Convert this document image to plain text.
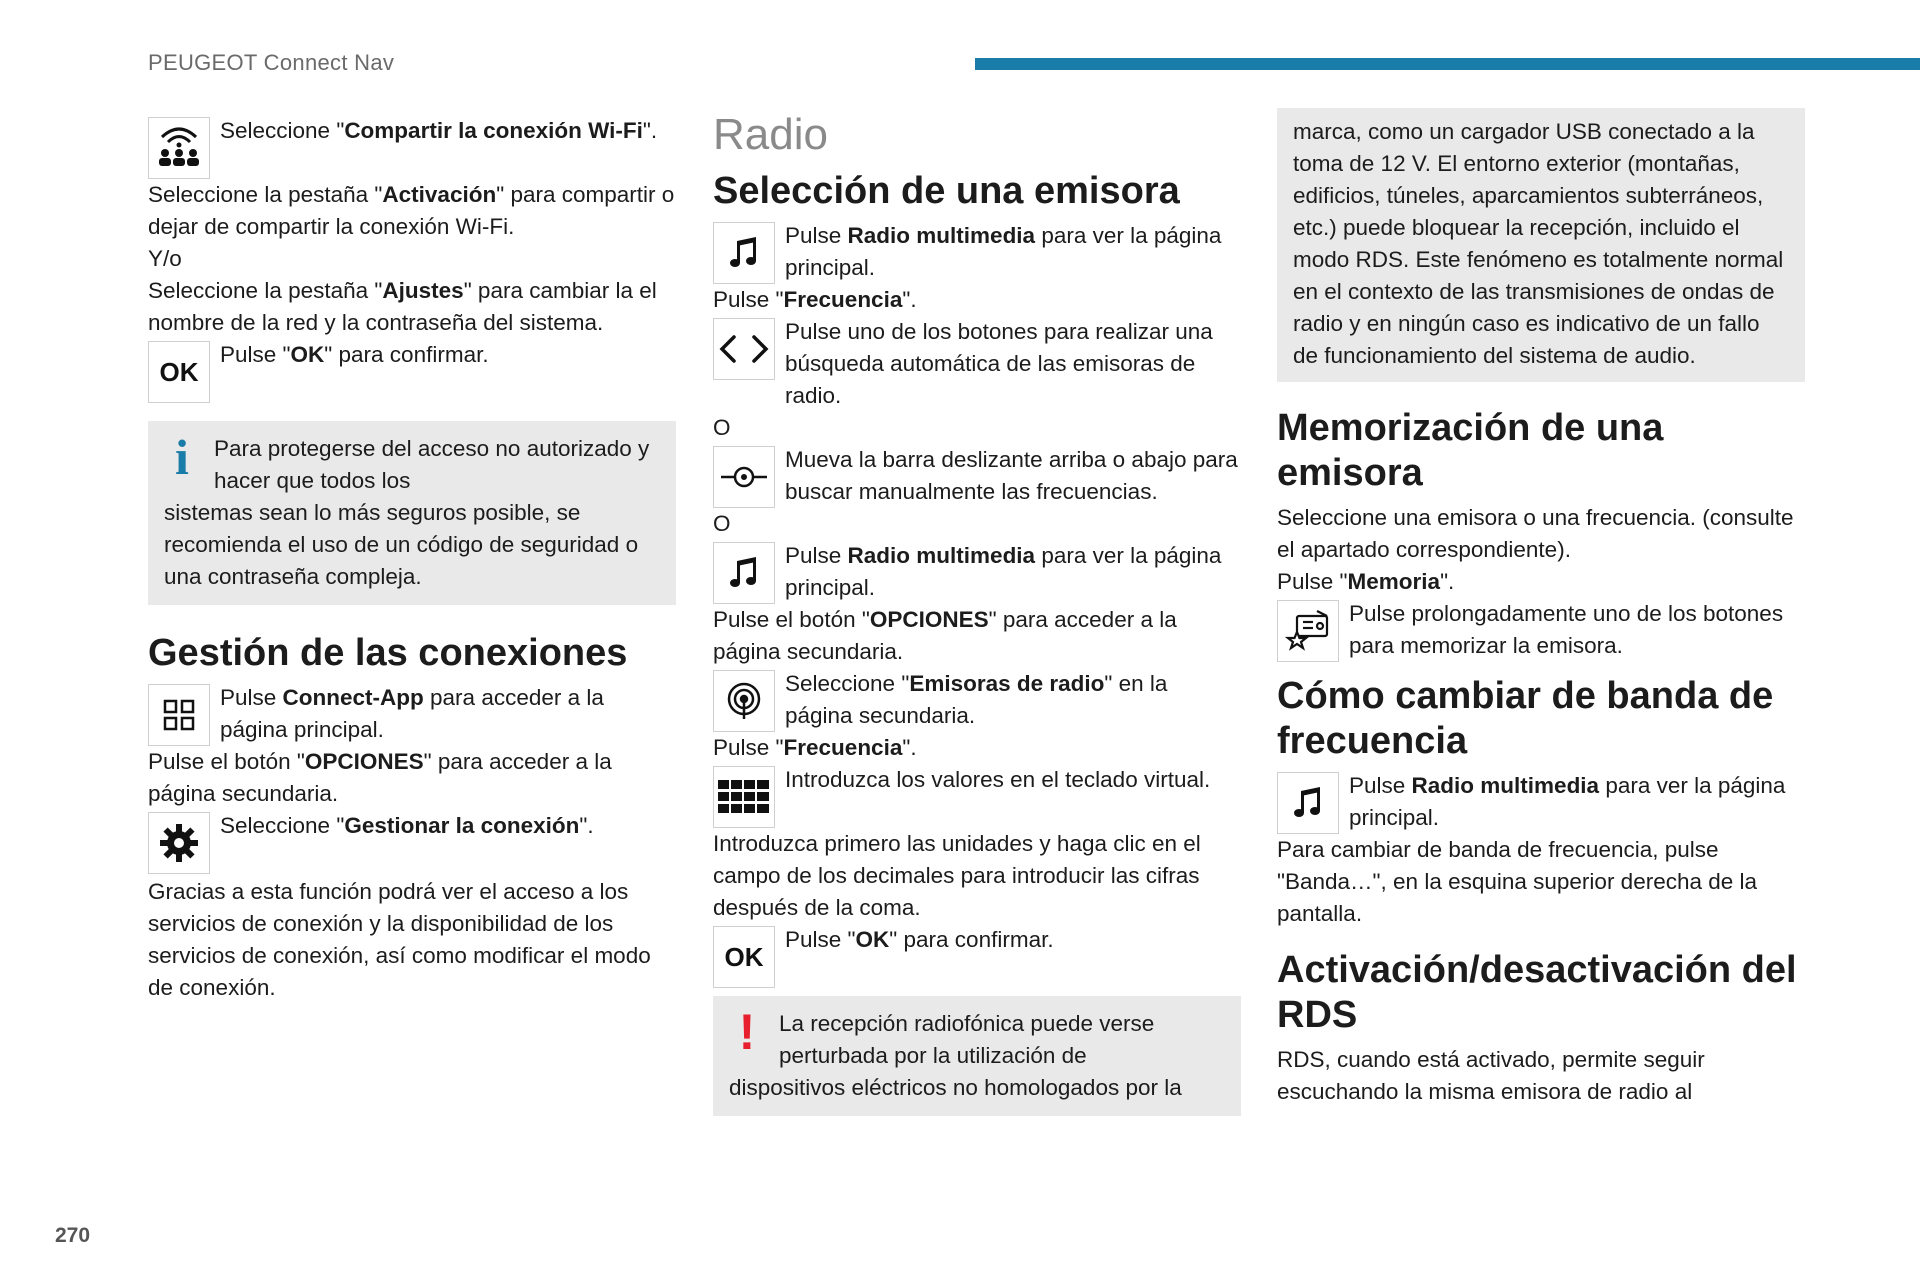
PEUGEOT Connect Nav

Seleccione "Compartir la conexión Wi-Fi".

Seleccione la pestaña "Activación" para compartir o dejar de compartir la conexión Wi-Fi.

Y/o

Seleccione la pestaña "Ajustes" para cambiar la el nombre de la red y la contraseña del sistema.

OK

Pulse "OK" para confirmar.

i	Para protegerse del acceso no autorizado y hacer que todos los

sistemas sean lo más seguros posible, se recomienda el uso de un código de seguridad o una contraseña compleja.

Gestión de las conexiones

Pulse Connect-App para acceder a la página principal.

Pulse el botón "OPCIONES" para acceder a la página secundaria.

Seleccione "Gestionar la conexión".

Gracias a esta función podrá ver el acceso a los servicios de conexión y la disponibilidad de los servicios de conexión, así como modificar el modo de conexión.

Radio
Selección de una emisora

Pulse Radio multimedia para ver la página principal.

Pulse "Frecuencia".

Pulse uno de los botones para realizar una búsqueda automática de las emisoras de radio.

O

Mueva la barra deslizante arriba o abajo para buscar manualmente las frecuencias.

O

Pulse Radio multimedia para ver la página principal.

Pulse el botón "OPCIONES" para acceder a la página secundaria.

Seleccione "Emisoras de radio" en la página secundaria.

Pulse "Frecuencia".

Introduzca los valores en el teclado virtual.

Introduzca primero las unidades y haga clic en el campo de los decimales para introducir las cifras después de la coma.

OK

Pulse "OK" para confirmar.

!	La recepción radiofónica puede verse perturbada por la utilización de

dispositivos eléctricos no homologados por la

marca, como un cargador USB conectado a la toma de 12 V. El entorno exterior (montañas, edificios, túneles, aparcamientos subterráneos, etc.) puede bloquear la recepción, incluido el modo RDS. Este fenómeno es totalmente normal en el contexto de las transmisiones de ondas de radio y en ningún caso es indicativo de un fallo de funcionamiento del sistema de audio.

Memorización de una emisora

Seleccione una emisora o una frecuencia. (consulte el apartado correspondiente).

Pulse "Memoria".

Pulse prolongadamente uno de los botones para memorizar la emisora.

Cómo cambiar de banda de frecuencia

Pulse Radio multimedia para ver la página principal.

Para cambiar de banda de frecuencia, pulse "Banda…", en la esquina superior derecha de la pantalla.

Activación/desactivación del RDS

RDS, cuando está activado, permite seguir escuchando la misma emisora de radio al

270
